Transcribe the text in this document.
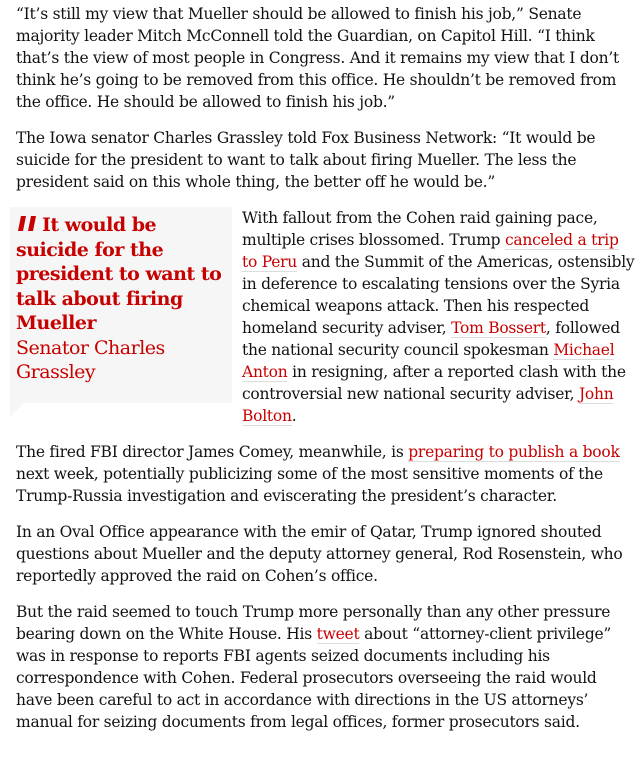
“It’s still my view that Mueller should be allowed to finish his job,” Senate majority leader Mitch McConnell told the Guardian, on Capitol Hill. “I think that’s the view of most people in Congress. And it remains my view that I don’t think he’s going to be removed from this office. He shouldn’t be removed from the office. He should be allowed to finish his job.”

The Iowa senator Charles Grassley told Fox Business Network: “It would be suicide for the president to want to talk about firing Mueller. The less the president said on this whole thing, the better off he would be.”

It would be suicide for the president to want to talk about firing Mueller
Senator Charles Grassley

With fallout from the Cohen raid gaining pace, multiple crises blossomed. Trump canceled a trip to Peru and the Summit of the Americas, ostensibly in deference to escalating tensions over the Syria chemical weapons attack. Then his respected homeland security adviser, Tom Bossert, followed the national security council spokesman Michael Anton in resigning, after a reported clash with the controversial new national security adviser, John Bolton.

The fired FBI director James Comey, meanwhile, is preparing to publish a book next week, potentially publicizing some of the most sensitive moments of the Trump-Russia investigation and eviscerating the president’s character.

In an Oval Office appearance with the emir of Qatar, Trump ignored shouted questions about Mueller and the deputy attorney general, Rod Rosenstein, who reportedly approved the raid on Cohen’s office.

But the raid seemed to touch Trump more personally than any other pressure bearing down on the White House. His tweet about “attorney-client privilege” was in response to reports FBI agents seized documents including his correspondence with Cohen. Federal prosecutors overseeing the raid would have been careful to act in accordance with directions in the US attorneys’ manual for seizing documents from legal offices, former prosecutors said.
